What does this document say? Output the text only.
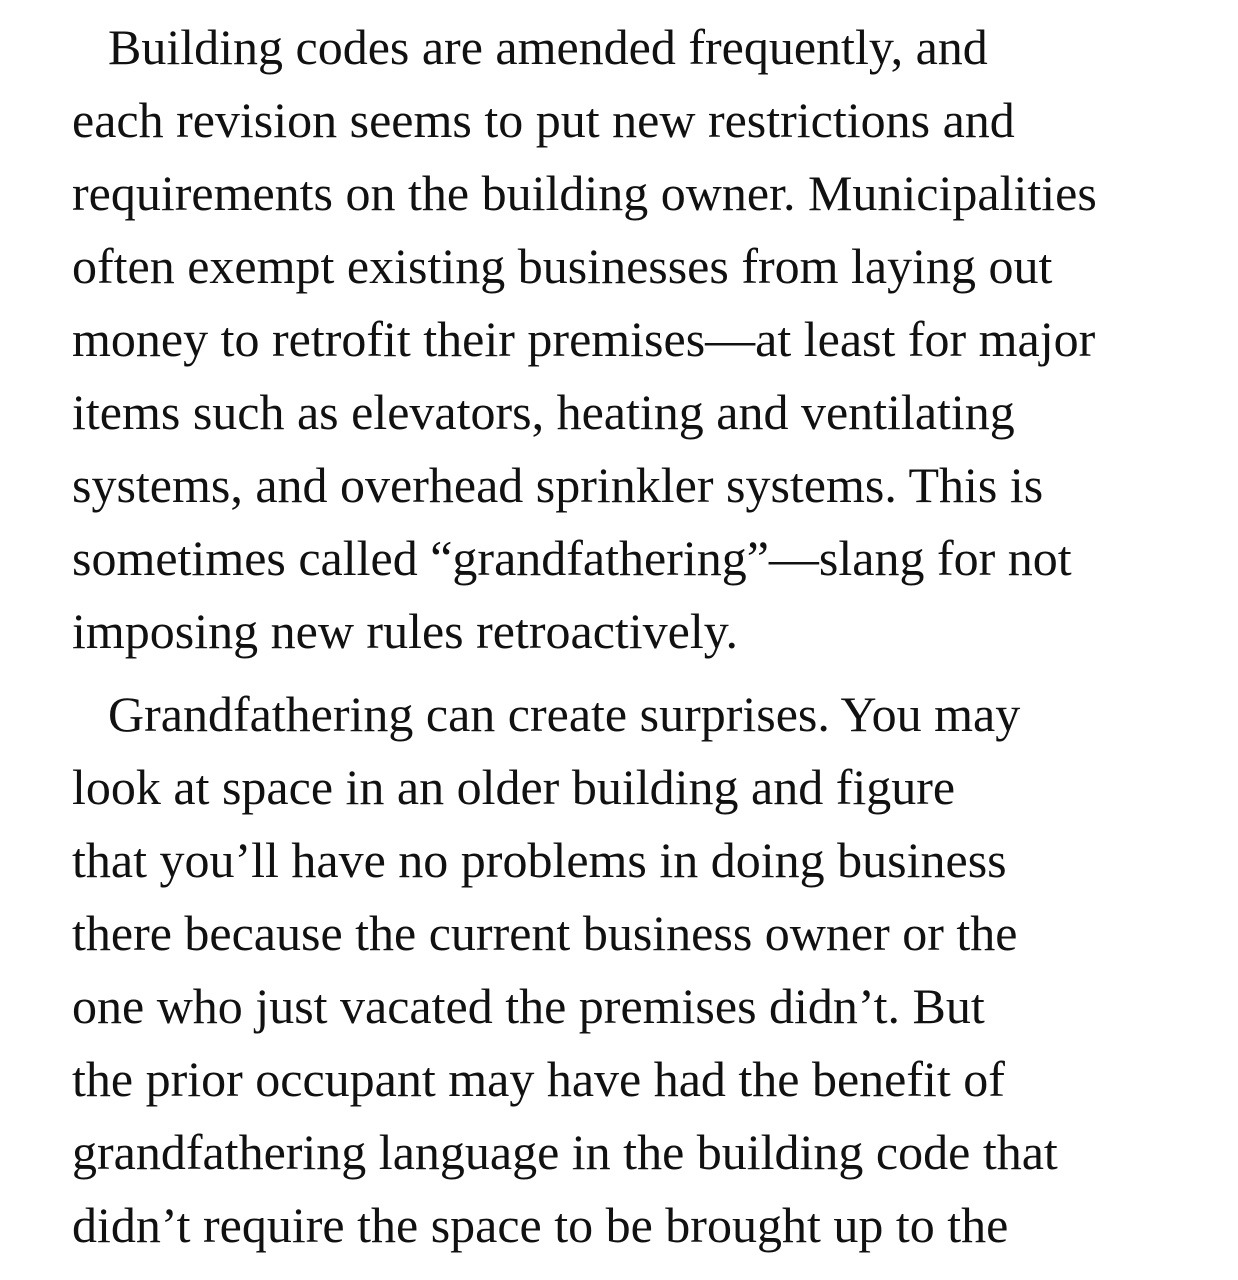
Building codes are amended frequently, and
each revision seems to put new restrictions and
requirements on the building owner. Municipalities
often exempt existing businesses from laying out
money to retrofit their premises—at least for major
items such as elevators, heating and ventilating
systems, and overhead sprinkler systems. This is
sometimes called “grandfathering”—slang for not
imposing new rules retroactively.
Grandfathering can create surprises. You may
look at space in an older building and figure
that you’ll have no problems in doing business
there because the current business owner or the
one who just vacated the premises didn’t. But
the prior occupant may have had the benefit of
grandfathering language in the building code that
didn’t require the space to be brought up to the
